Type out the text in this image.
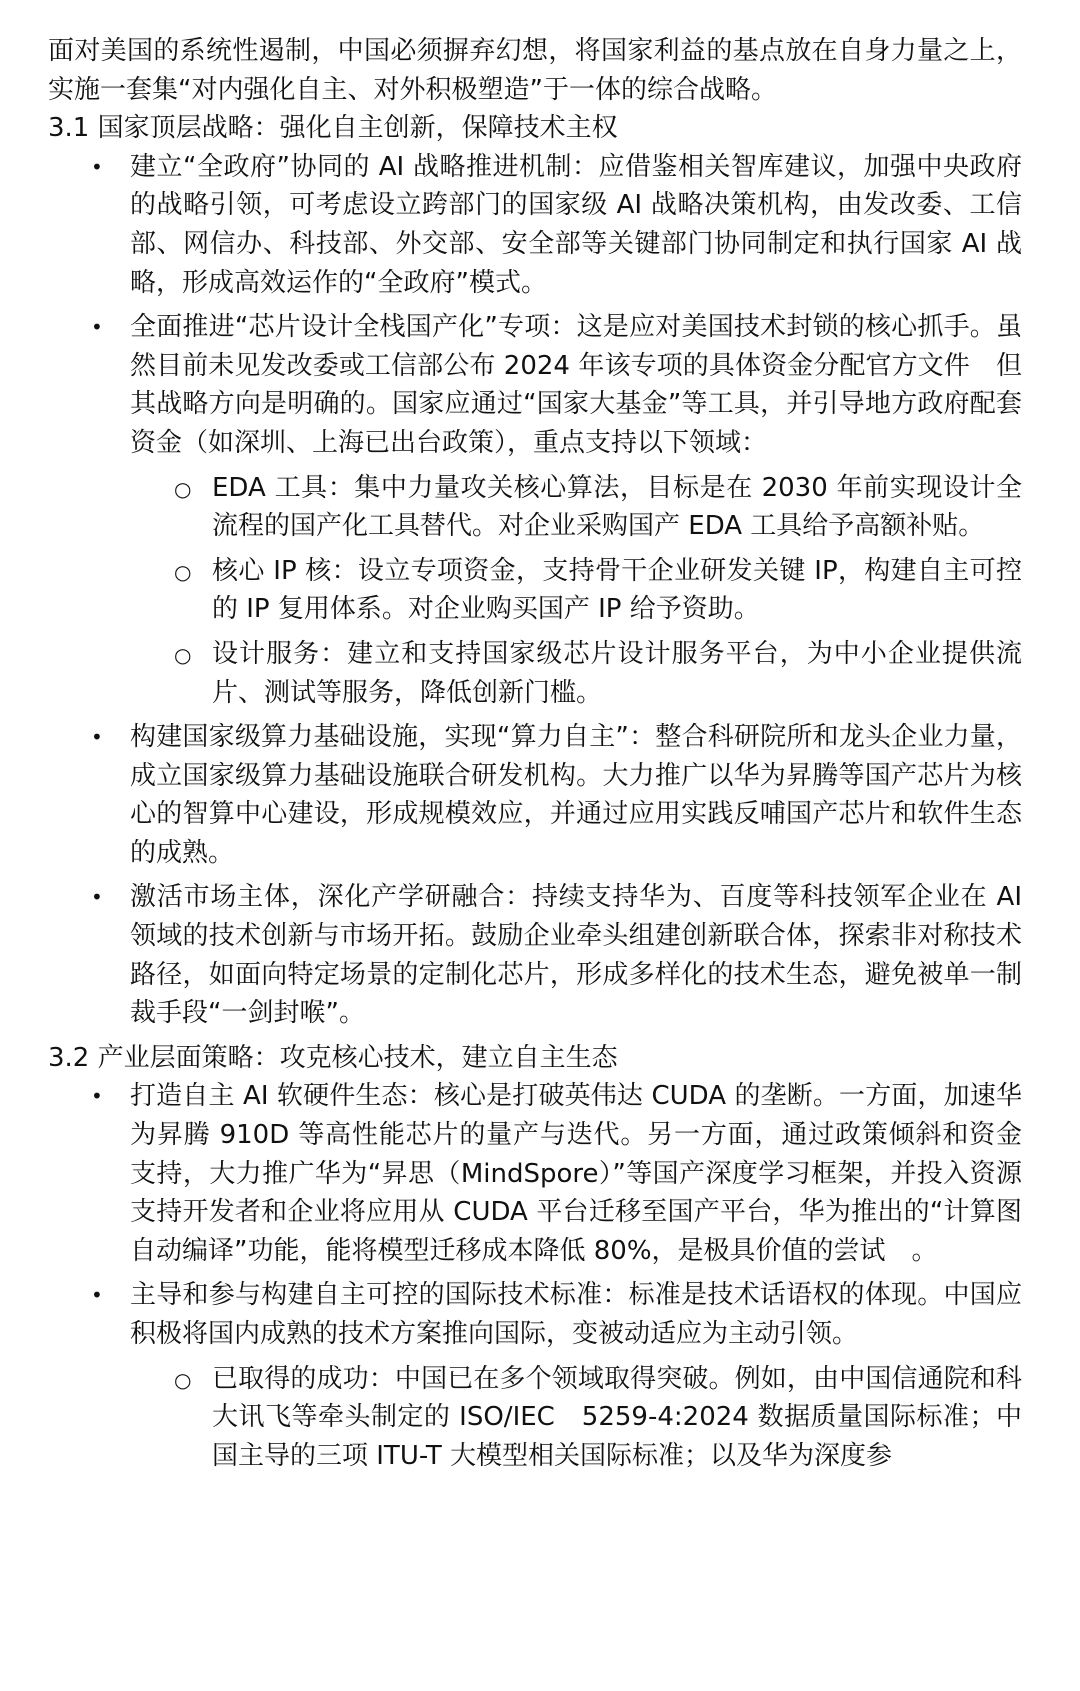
面对美国的系统性遏制，中国必须摒弃幻想，将国家利益的基点放在自身力量之上，实施一套集“对内强化自主、对外积极塑造”于一体的综合战略。

3.1 国家顶层战略：强化自主创新，保障技术主权

• 建立“全政府”协同的 AI 战略推进机制：应借鉴相关智库建议，加强中央政府的战略引领，可考虑设立跨部门的国家级 AI 战略决策机构，由发改委、工信部、网信办、科技部、外交部、安全部等关键部门协同制定和执行国家 AI 战略，形成高效运作的“全政府”模式。
• 全面推进“芯片设计全栈国产化”专项：这是应对美国技术封锁的核心抓手。虽然目前未见发改委或工信部公布 2024 年该专项的具体资金分配官方文件　但其战略方向是明确的。国家应通过“国家大基金”等工具，并引导地方政府配套资金（如深圳、上海已出台政策），重点支持以下领域：
○ EDA 工具：集中力量攻关核心算法，目标是在 2030 年前实现设计全流程的国产化工具替代。对企业采购国产 EDA 工具给予高额补贴。
○ 核心 IP 核：设立专项资金，支持骨干企业研发关键 IP，构建自主可控的 IP 复用体系。对企业购买国产 IP 给予资助。
○ 设计服务：建立和支持国家级芯片设计服务平台，为中小企业提供流片、测试等服务，降低创新门槛。
• 构建国家级算力基础设施，实现“算力自主”：整合科研院所和龙头企业力量，成立国家级算力基础设施联合研发机构。大力推广以华为昇腾等国产芯片为核心的智算中心建设，形成规模效应，并通过应用实践反哺国产芯片和软件生态的成熟。
• 激活市场主体，深化产学研融合：持续支持华为、百度等科技领军企业在 AI 领域的技术创新与市场开拓。鼓励企业牵头组建创新联合体，探索非对称技术路径，如面向特定场景的定制化芯片，形成多样化的技术生态，避免被单一制裁手段“一剑封喉”。

3.2 产业层面策略：攻克核心技术，建立自主生态

• 打造自主 AI 软硬件生态：核心是打破英伟达 CUDA 的垄断。一方面，加速华为昇腾 910D 等高性能芯片的量产与迭代。另一方面，通过政策倾斜和资金支持，大力推广华为“昇思（MindSpore）”等国产深度学习框架，并投入资源支持开发者和企业将应用从 CUDA 平台迁移至国产平台，华为推出的“计算图自动编译”功能，能将模型迁移成本降低 80%，是极具价值的尝试　。
• 主导和参与构建自主可控的国际技术标准：标准是技术话语权的体现。中国应积极将国内成熟的技术方案推向国际，变被动适应为主动引领。
○ 已取得的成功：中国已在多个领域取得突破。例如，由中国信通院和科大讯飞等牵头制定的 ISO/IEC　5259-4:2024 数据质量国际标准；中国主导的三项 ITU-T 大模型相关国际标准；以及华为深度参
